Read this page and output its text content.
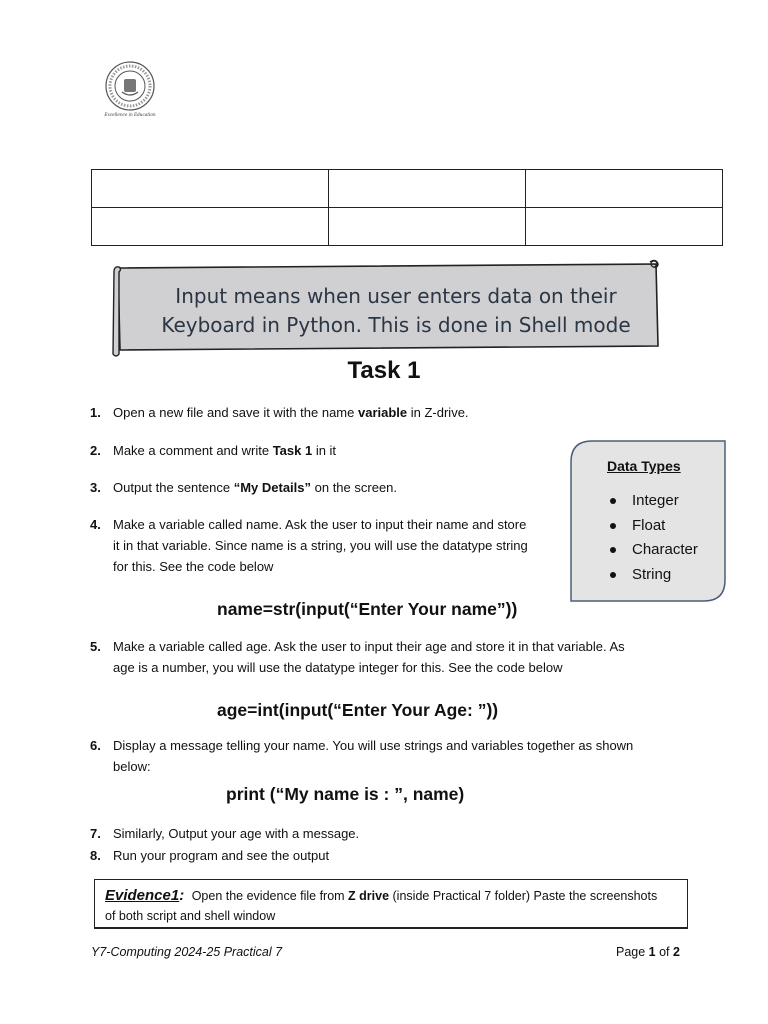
Excellence in Education

Input means when user enters data on their
Keyboard in Python. This is done in Shell mode
Task 1
1. Open a new file and save it with the name variable in Z-drive.
2. Make a comment and write Task 1 in it
3. Output the sentence “My Details” on the screen.
4. Make a variable called name. Ask the user to input their name and store
it in that variable. Since name is a string, you will use the datatype string
for this. See the code below
Data Types
Integer
Float
Character
String
name=str(input(“Enter Your name”))
5. Make a variable called age. Ask the user to input their age and store it in that variable. As
age is a number, you will use the datatype integer for this. See the code below
age=int(input(“Enter Your Age: ”))
6. Display a message telling your name. You will use strings and variables together as shown
below:
print (“My name is : ”, name)
7. Similarly, Output your age with a message.
8. Run your program and see the output
Evidence1: Open the evidence file from Z drive (inside Practical 7 folder) Paste the screenshots
of both script and shell window
Y7-Computing 2024-25 Practical 7	Page 1 of 2
